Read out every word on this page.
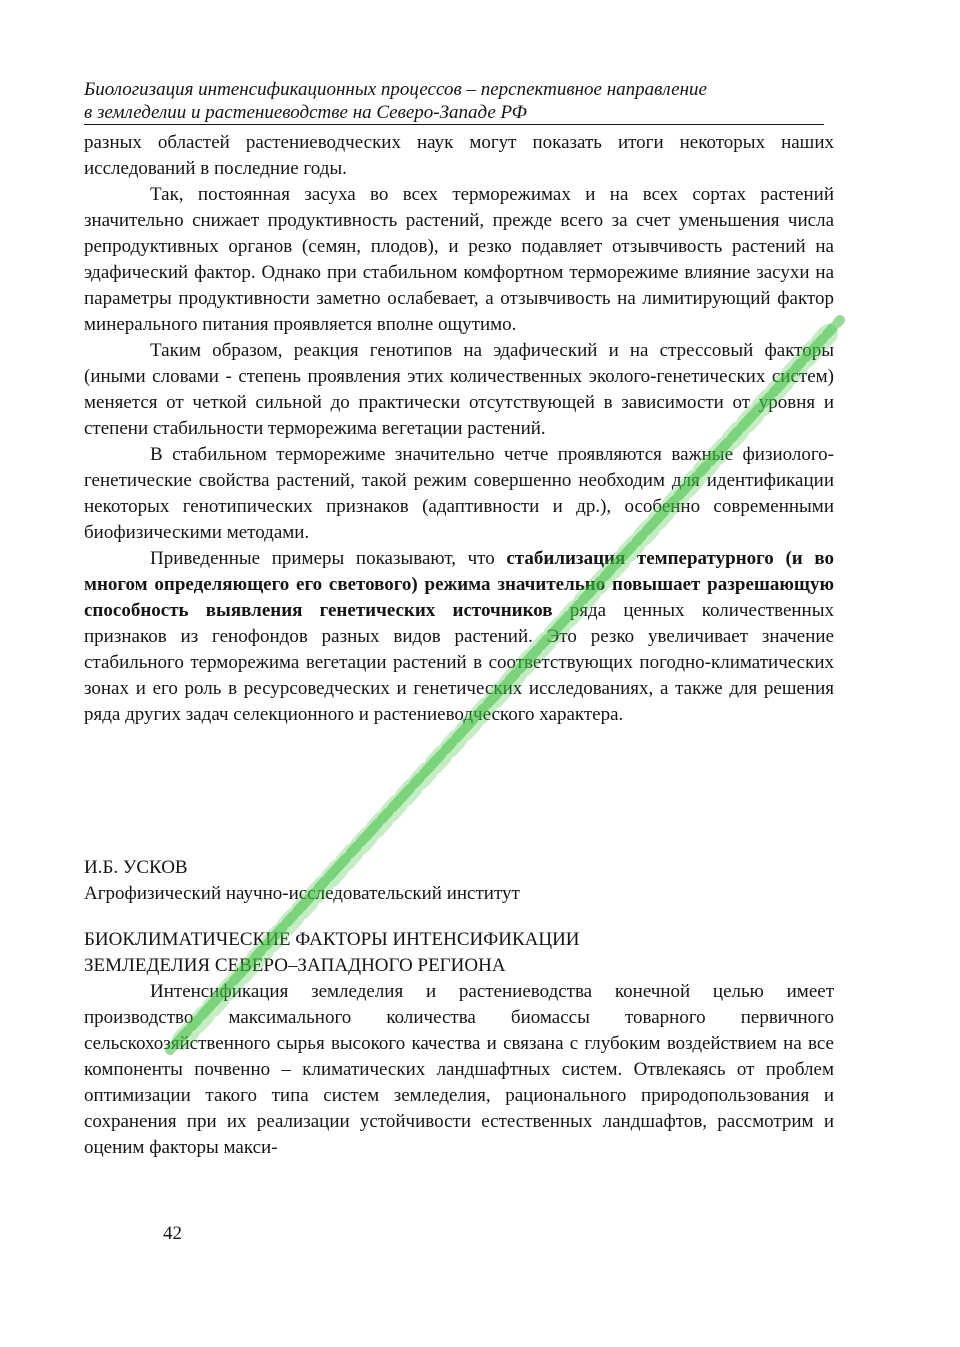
Биологизация интенсификационных процессов – перспективное направление

в земледелии и растениеводстве на Северо-Западе РФ

разных областей растениеводческих наук могут показать итоги некоторых наших исследований в последние годы.

Так, постоянная засуха во всех терморежимах и на всех сортах растений значительно снижает продуктивность растений, прежде всего за счет уменьшения числа репродуктивных органов (семян, плодов), и резко подавляет отзывчивость растений на эдафический фактор. Однако при стабильном комфортном терморежиме влияние засухи на параметры продуктивности заметно ослабевает, а отзывчивость на лимитирующий фактор минерального питания проявляется вполне ощутимо.

Таким образом, реакция генотипов на эдафический и на стрессовый факторы (иными словами - степень проявления этих количественных эколого-генетических систем) меняется от четкой сильной до практически отсутствующей в зависимости от уровня и степени стабильности терморежима вегетации растений.

В стабильном терморежиме значительно четче проявляются важные физиолого-генетические свойства растений, такой режим совершенно необходим для идентификации некоторых генотипических признаков (адаптивности и др.), особенно современными биофизическими методами.

Приведенные примеры показывают, что стабилизация температурного (и во многом определяющего его светового) режима значительно повышает разрешающую способность выявления генетических источников ряда ценных количественных признаков из генофондов разных видов растений. Это резко увеличивает значение стабильного терморежима вегетации растений в соответствующих погодно-климатических зонах и его роль в ресурсоведческих и генетических исследованиях, а также для решения ряда других задач селекционного и растениеводческого характера.

И.Б. УСКОВ

Агрофизический научно-исследовательский институт

БИОКЛИМАТИЧЕСКИЕ ФАКТОРЫ ИНТЕНСИФИКАЦИИ
ЗЕМЛЕДЕЛИЯ СЕВЕРО–ЗАПАДНОГО РЕГИОНА

Интенсификация земледелия и растениеводства конечной целью имеет производство максимального количества биомассы товарного первичного сельскохозяйственного сырья высокого качества и связана с глубоким воздействием на все компоненты почвенно – климатических ландшафтных систем. Отвлекаясь от проблем оптимизации такого типа систем земледелия, рационального природопользования и сохранения при их реализации устойчивости естественных ландшафтов, рассмотрим и оценим факторы макси-

42
